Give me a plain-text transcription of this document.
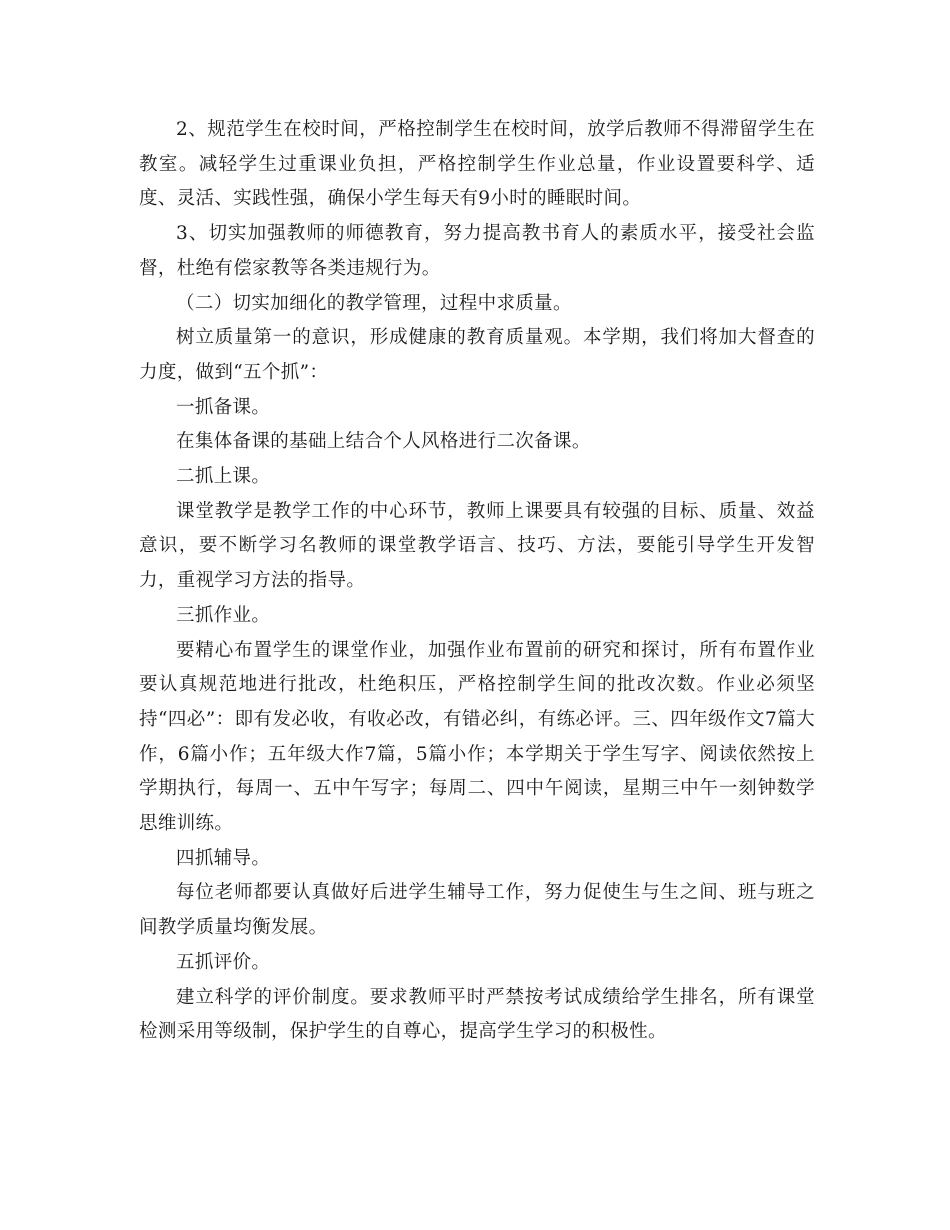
2、规范学生在校时间，严格控制学生在校时间，放学后教师不得滞留学生在教室。减轻学生过重课业负担，严格控制学生作业总量，作业设置要科学、适度、灵活、实践性强，确保小学生每天有9小时的睡眠时间。

3、切实加强教师的师德教育，努力提高教书育人的素质水平，接受社会监督，杜绝有偿家教等各类违规行为。

（二）切实加细化的教学管理，过程中求质量。

树立质量第一的意识，形成健康的教育质量观。本学期，我们将加大督查的力度，做到“五个抓”：

一抓备课。

在集体备课的基础上结合个人风格进行二次备课。

二抓上课。

课堂教学是教学工作的中心环节，教师上课要具有较强的目标、质量、效益意识，要不断学习名教师的课堂教学语言、技巧、方法，要能引导学生开发智力，重视学习方法的指导。

三抓作业。

要精心布置学生的课堂作业，加强作业布置前的研究和探讨，所有布置作业要认真规范地进行批改，杜绝积压，严格控制学生间的批改次数。作业必须坚持“四必”：即有发必收，有收必改，有错必纠，有练必评。三、四年级作文7篇大作，6篇小作；五年级大作7篇，5篇小作；本学期关于学生写字、阅读依然按上学期执行，每周一、五中午写字；每周二、四中午阅读，星期三中午一刻钟数学思维训练。

四抓辅导。

每位老师都要认真做好后进学生辅导工作，努力促使生与生之间、班与班之间教学质量均衡发展。

五抓评价。

建立科学的评价制度。要求教师平时严禁按考试成绩给学生排名，所有课堂检测采用等级制，保护学生的自尊心，提高学生学习的积极性。
